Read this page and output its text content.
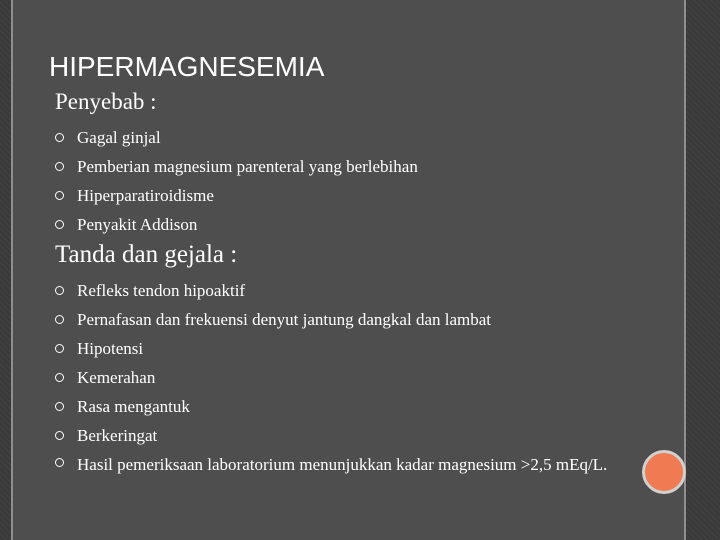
HIPERMAGNESEMIA
Penyebab :
Gagal ginjal
Pemberian magnesium parenteral yang berlebihan
Hiperparatiroidisme
Penyakit Addison
Tanda dan gejala :
Refleks tendon hipoaktif
Pernafasan dan frekuensi denyut jantung dangkal dan lambat
Hipotensi
Kemerahan
Rasa mengantuk
Berkeringat
Hasil pemeriksaan laboratorium menunjukkan kadar magnesium >2,5 mEq/L.
